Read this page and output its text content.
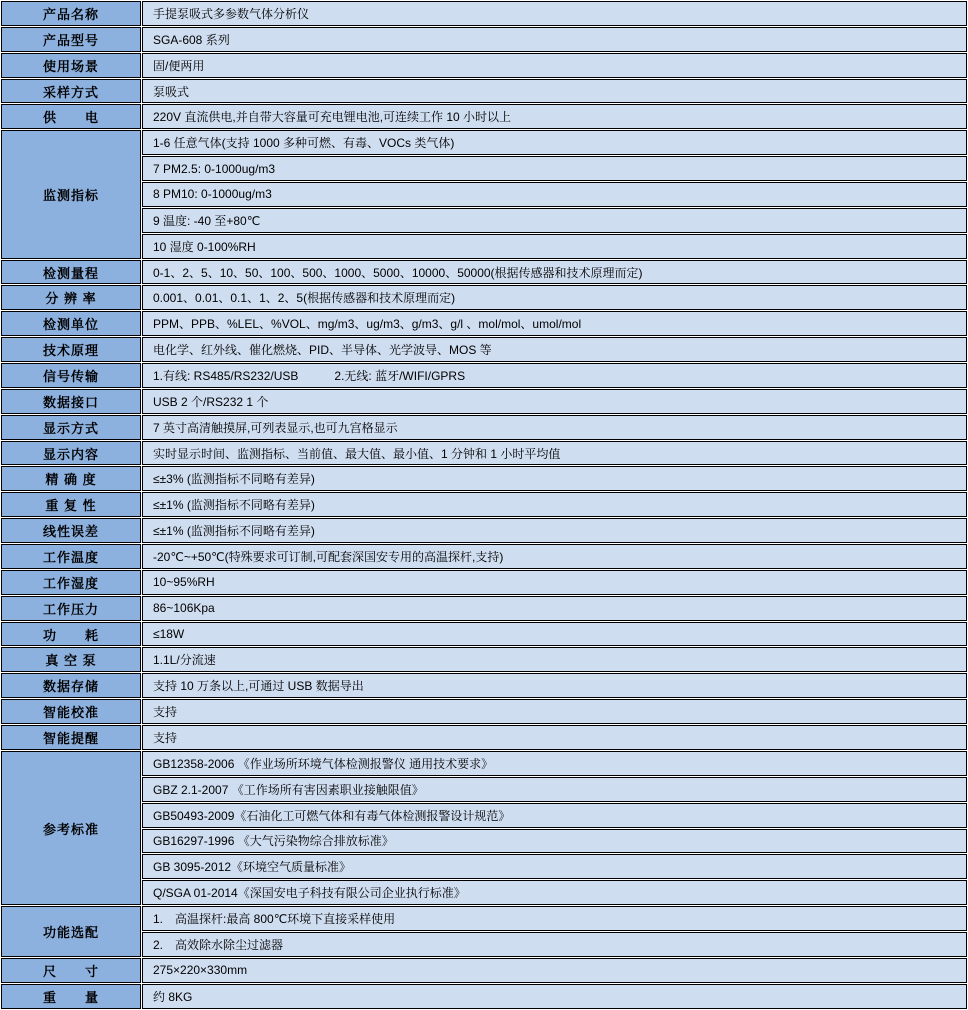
产品名称	手提泵吸式多参数气体分析仪
产品型号	SGA-608 系列
使用场景	固/便两用
采样方式	泵吸式
供　　电	220V 直流供电,并自带大容量可充电锂电池,可连续工作 10 小时以上
监测指标	1-6 任意气体(支持 1000 多种可燃、有毒、VOCs 类气体)
	7 PM2.5: 0-1000ug/m3
	8 PM10: 0-1000ug/m3
	9 温度: -40 至+80℃
	10 湿度 0-100%RH
检测量程	0-1、2、5、10、50、100、500、1000、5000、10000、50000(根据传感器和技术原理而定)
分 辨 率	0.001、0.01、0.1、1、2、5(根据传感器和技术原理而定)
检测单位	PPM、PPB、%LEL、%VOL、mg/m3、ug/m3、g/m3、g/l 、mol/mol、umol/mol
技术原理	电化学、红外线、催化燃烧、PID、半导体、光学波导、MOS 等
信号传输	1.有线: RS485/RS232/USB　　　2.无线: 蓝牙/WIFI/GPRS
数据接口	USB 2 个/RS232 1 个
显示方式	7 英寸高清触摸屏,可列表显示,也可九宫格显示
显示内容	实时显示时间、监测指标、当前值、最大值、最小值、1 分钟和 1 小时平均值
精 确 度	≤±3% (监测指标不同略有差异)
重 复 性	≤±1% (监测指标不同略有差异)
线性误差	≤±1% (监测指标不同略有差异)
工作温度	-20℃~+50℃(特殊要求可订制,可配套深国安专用的高温探杆,支持)
工作湿度	10~95%RH
工作压力	86~106Kpa
功　　耗	≤18W
真 空 泵	1.1L/分流速
数据存储	支持 10 万条以上,可通过 USB 数据导出
智能校准	支持
智能提醒	支持
参考标准	GB12358-2006 《作业场所环境气体检测报警仪 通用技术要求》
	GBZ 2.1-2007 《工作场所有害因素职业接触限值》
	GB50493-2009《石油化工可燃气体和有毒气体检测报警设计规范》
	GB16297-1996 《大气污染物综合排放标准》
	GB 3095-2012《环境空气质量标准》
	Q/SGA 01-2014《深国安电子科技有限公司企业执行标准》
功能选配	1.　高温探杆:最高 800℃环境下直接采样使用
	2.　高效除水除尘过滤器
尺　　寸	275×220×330mm
重　　量	约 8KG
